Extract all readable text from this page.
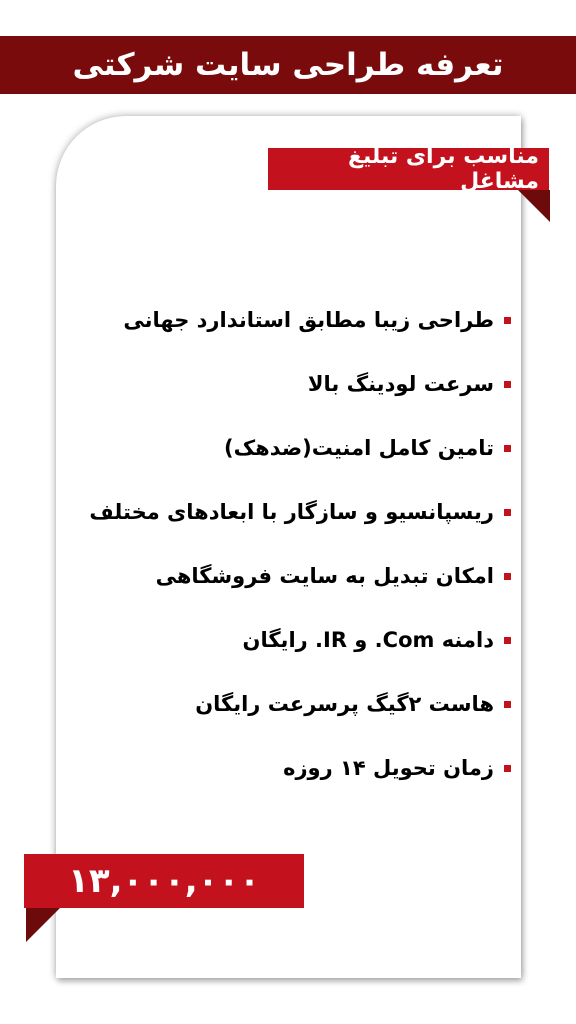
تعرفه طراحی سایت شرکتی
مناسب برای تبلیغ مشاغل
طراحی زیبا مطابق استاندارد جهانی
سرعت لودینگ بالا
تامین کامل امنیت(ضدهک)
ریسپانسیو و سازگار با ابعادهای مختلف
امکان تبدیل به سایت فروشگاهی
دامنه Com. و IR. رایگان
هاست ۲گیگ پرسرعت رایگان
زمان تحویل ۱۴ روزه
۱۳,۰۰۰,۰۰۰
